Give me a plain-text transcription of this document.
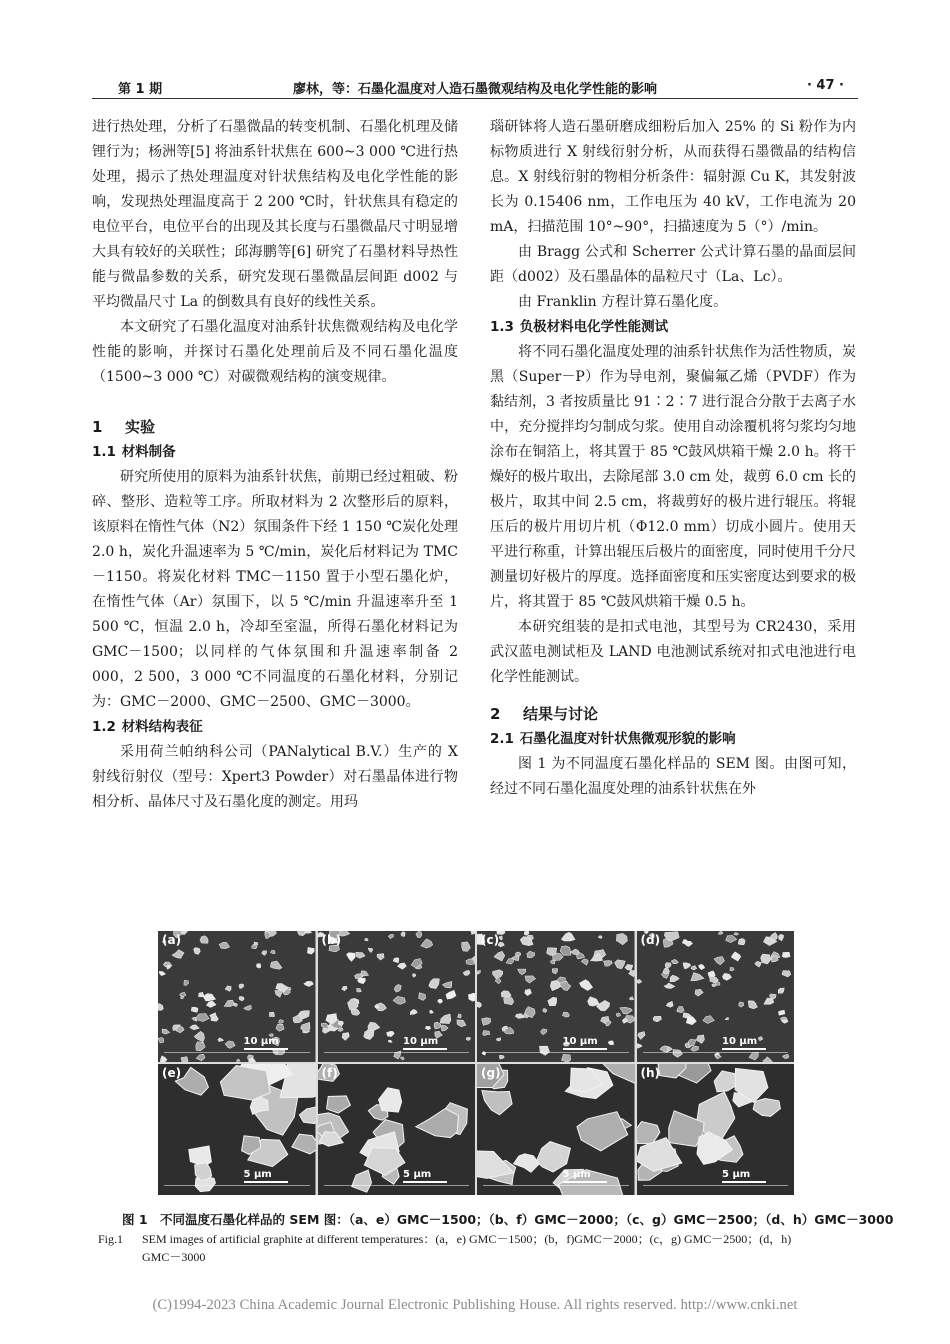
第 1 期	廖林，等：石墨化温度对人造石墨微观结构及电化学性能的影响	· 47 ·

进行热处理，分析了石墨微晶的转变机制、石墨化机理及储锂行为；杨洲等[5] 将油系针状焦在 600~3 000 ℃进行热处理，揭示了热处理温度对针状焦结构及电化学性能的影响，发现热处理温度高于 2 200 ℃时，针状焦具有稳定的电位平台，电位平台的出现及其长度与石墨微晶尺寸明显增大具有较好的关联性；邱海鹏等[6] 研究了石墨材料导热性能与微晶参数的关系，研究发现石墨微晶层间距 d002 与平均微晶尺寸 La 的倒数具有良好的线性关系。

本文研究了石墨化温度对油系针状焦微观结构及电化学性能的影响，并探讨石墨化处理前后及不同石墨化温度（1500~3 000 ℃）对碳微观结构的演变规律。

1 实验
1.1 材料制备

研究所使用的原料为油系针状焦，前期已经过粗破、粉碎、整形、造粒等工序。所取材料为 2 次整形后的原料，该原料在惰性气体（N2）氛围条件下经 1 150 ℃炭化处理 2.0 h，炭化升温速率为 5 ℃/min，炭化后材料记为 TMC－1150。将炭化材料 TMC－1150 置于小型石墨化炉，在惰性气体（Ar）氛围下，以 5 ℃/min 升温速率升至 1 500 ℃，恒温 2.0 h，冷却至室温，所得石墨化材料记为 GMC－1500；以同样的气体氛围和升温速率制备 2 000，2 500，3 000 ℃不同温度的石墨化材料，分别记为：GMC－2000、GMC－2500、GMC－3000。

1.2 材料结构表征

采用荷兰帕纳科公司（PANalytical B.V.）生产的 X 射线衍射仪（型号：Xpert3 Powder）对石墨晶体进行物相分析、晶体尺寸及石墨化度的测定。用玛

瑙研钵将人造石墨研磨成细粉后加入 25% 的 Si 粉作为内标物质进行 X 射线衍射分析，从而获得石墨微晶的结构信息。X 射线衍射的物相分析条件：辐射源 Cu K，其发射波长为 0.15406 nm，工作电压为 40 kV，工作电流为 20 mA，扫描范围 10°~90°，扫描速度为 5（°）/min。

由 Bragg 公式和 Scherrer 公式计算石墨的晶面层间距（d002）及石墨晶体的晶粒尺寸（La、Lc）。

由 Franklin 方程计算石墨化度。

1.3 负极材料电化学性能测试

将不同石墨化温度处理的油系针状焦作为活性物质，炭黑（Super－P）作为导电剂，聚偏氟乙烯（PVDF）作为黏结剂，3 者按质量比 91∶2∶7 进行混合分散于去离子水中，充分搅拌均匀制成匀浆。使用自动涂覆机将匀浆均匀地涂布在铜箔上，将其置于 85 ℃鼓风烘箱干燥 2.0 h。将干燥好的极片取出，去除尾部 3.0 cm 处，裁剪 6.0 cm 长的极片，取其中间 2.5 cm，将裁剪好的极片进行辊压。将辊压后的极片用切片机（Φ12.0 mm）切成小圆片。使用天平进行称重，计算出辊压后极片的面密度，同时使用千分尺测量切好极片的厚度。选择面密度和压实密度达到要求的极片，将其置于 85 ℃鼓风烘箱干燥 0.5 h。

本研究组装的是扣式电池，其型号为 CR2430，采用武汉蓝电测试柜及 LAND 电池测试系统对扣式电池进行电化学性能测试。

2 结果与讨论
2.1 石墨化温度对针状焦微观形貌的影响

图 1 为不同温度石墨化样品的 SEM 图。由图可知，经过不同石墨化温度处理的油系针状焦在外

(a)
10 μm
(b)
10 μm
(c)
10 μm
(d)
10 μm
(e)
5 μm
(f)
5 μm
(g)
5 μm
(h)
5 μm
图 1　不同温度石墨化样品的 SEM 图：（a、e）GMC－1500；（b、f）GMC－2000；（c、g）GMC－2500；（d、h）GMC－3000
Fig.1 SEM images of artificial graphite at different temperatures：(a，e) GMC－1500；(b，f)GMC－2000；(c，g) GMC－2500；(d，h)
GMC－3000
(C)1994-2023 China Academic Journal Electronic Publishing House. All rights reserved. http://www.cnki.net
